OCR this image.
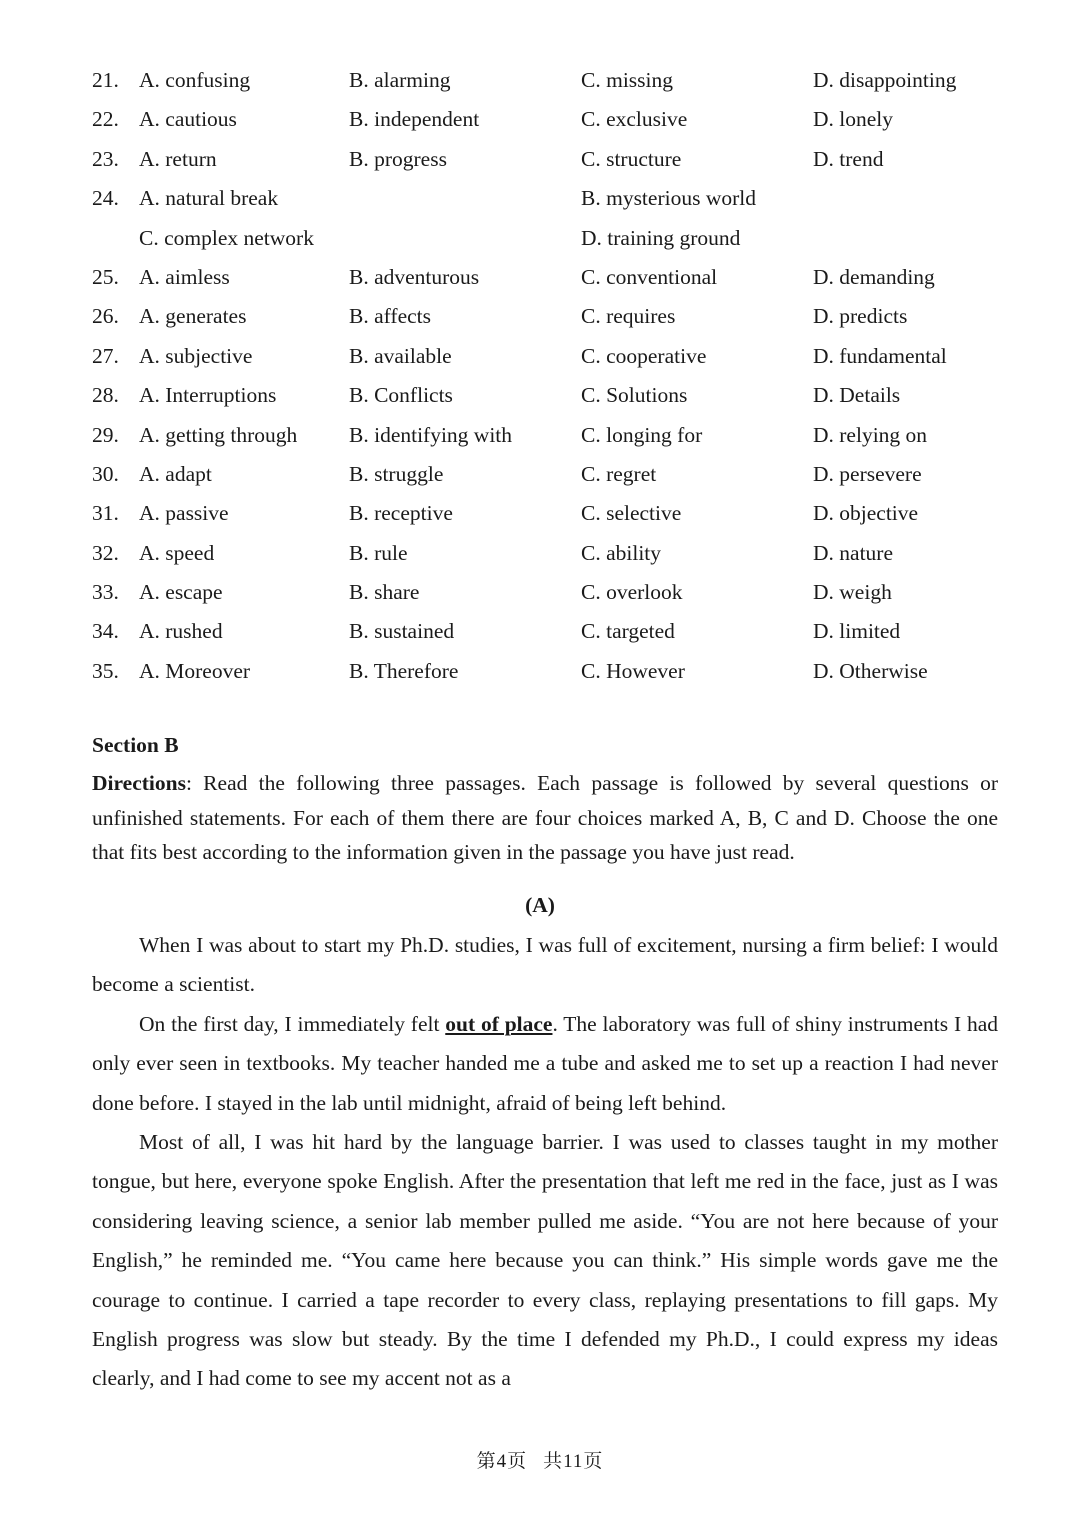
21. A. confusing	B. alarming	C. missing	D. disappointing
22. A. cautious	B. independent	C. exclusive	D. lonely
23. A. return	B. progress	C. structure	D. trend
24. A. natural break	B. mysterious world
C. complex network	D. training ground
25. A. aimless	B. adventurous	C. conventional	D. demanding
26. A. generates	B. affects	C. requires	D. predicts
27. A. subjective	B. available	C. cooperative	D. fundamental
28. A. Interruptions	B. Conflicts	C. Solutions	D. Details
29. A. getting through B. identifying with	C. longing for	D. relying on
30. A. adapt	B. struggle	C. regret	D. persevere
31. A. passive	B. receptive	C. selective	D. objective
32. A. speed	B. rule	C. ability	D. nature
33. A. escape	B. share	C. overlook	D. weigh
34. A. rushed	B. sustained	C. targeted	D. limited
35. A. Moreover	B. Therefore	C. However	D. Otherwise
Section B
Directions: Read the following three passages. Each passage is followed by several questions or unfinished statements. For each of them there are four choices marked A, B, C and D. Choose the one that fits best according to the information given in the passage you have just read.
(A)

When I was about to start my Ph.D. studies, I was full of excitement, nursing a firm belief: I would become a scientist.

On the first day, I immediately felt out of place. The laboratory was full of shiny instruments I had only ever seen in textbooks. My teacher handed me a tube and asked me to set up a reaction I had never done before. I stayed in the lab until midnight, afraid of being left behind.

Most of all, I was hit hard by the language barrier. I was used to classes taught in my mother tongue, but here, everyone spoke English. After the presentation that left me red in the face, just as I was considering leaving science, a senior lab member pulled me aside. “You are not here because of your English,” he reminded me. “You came here because you can think.” His simple words gave me the courage to continue. I carried a tape recorder to every class, replaying presentations to fill gaps. My English progress was slow but steady. By the time I defended my Ph.D., I could express my ideas clearly, and I had come to see my accent not as a

第4页 共11页
